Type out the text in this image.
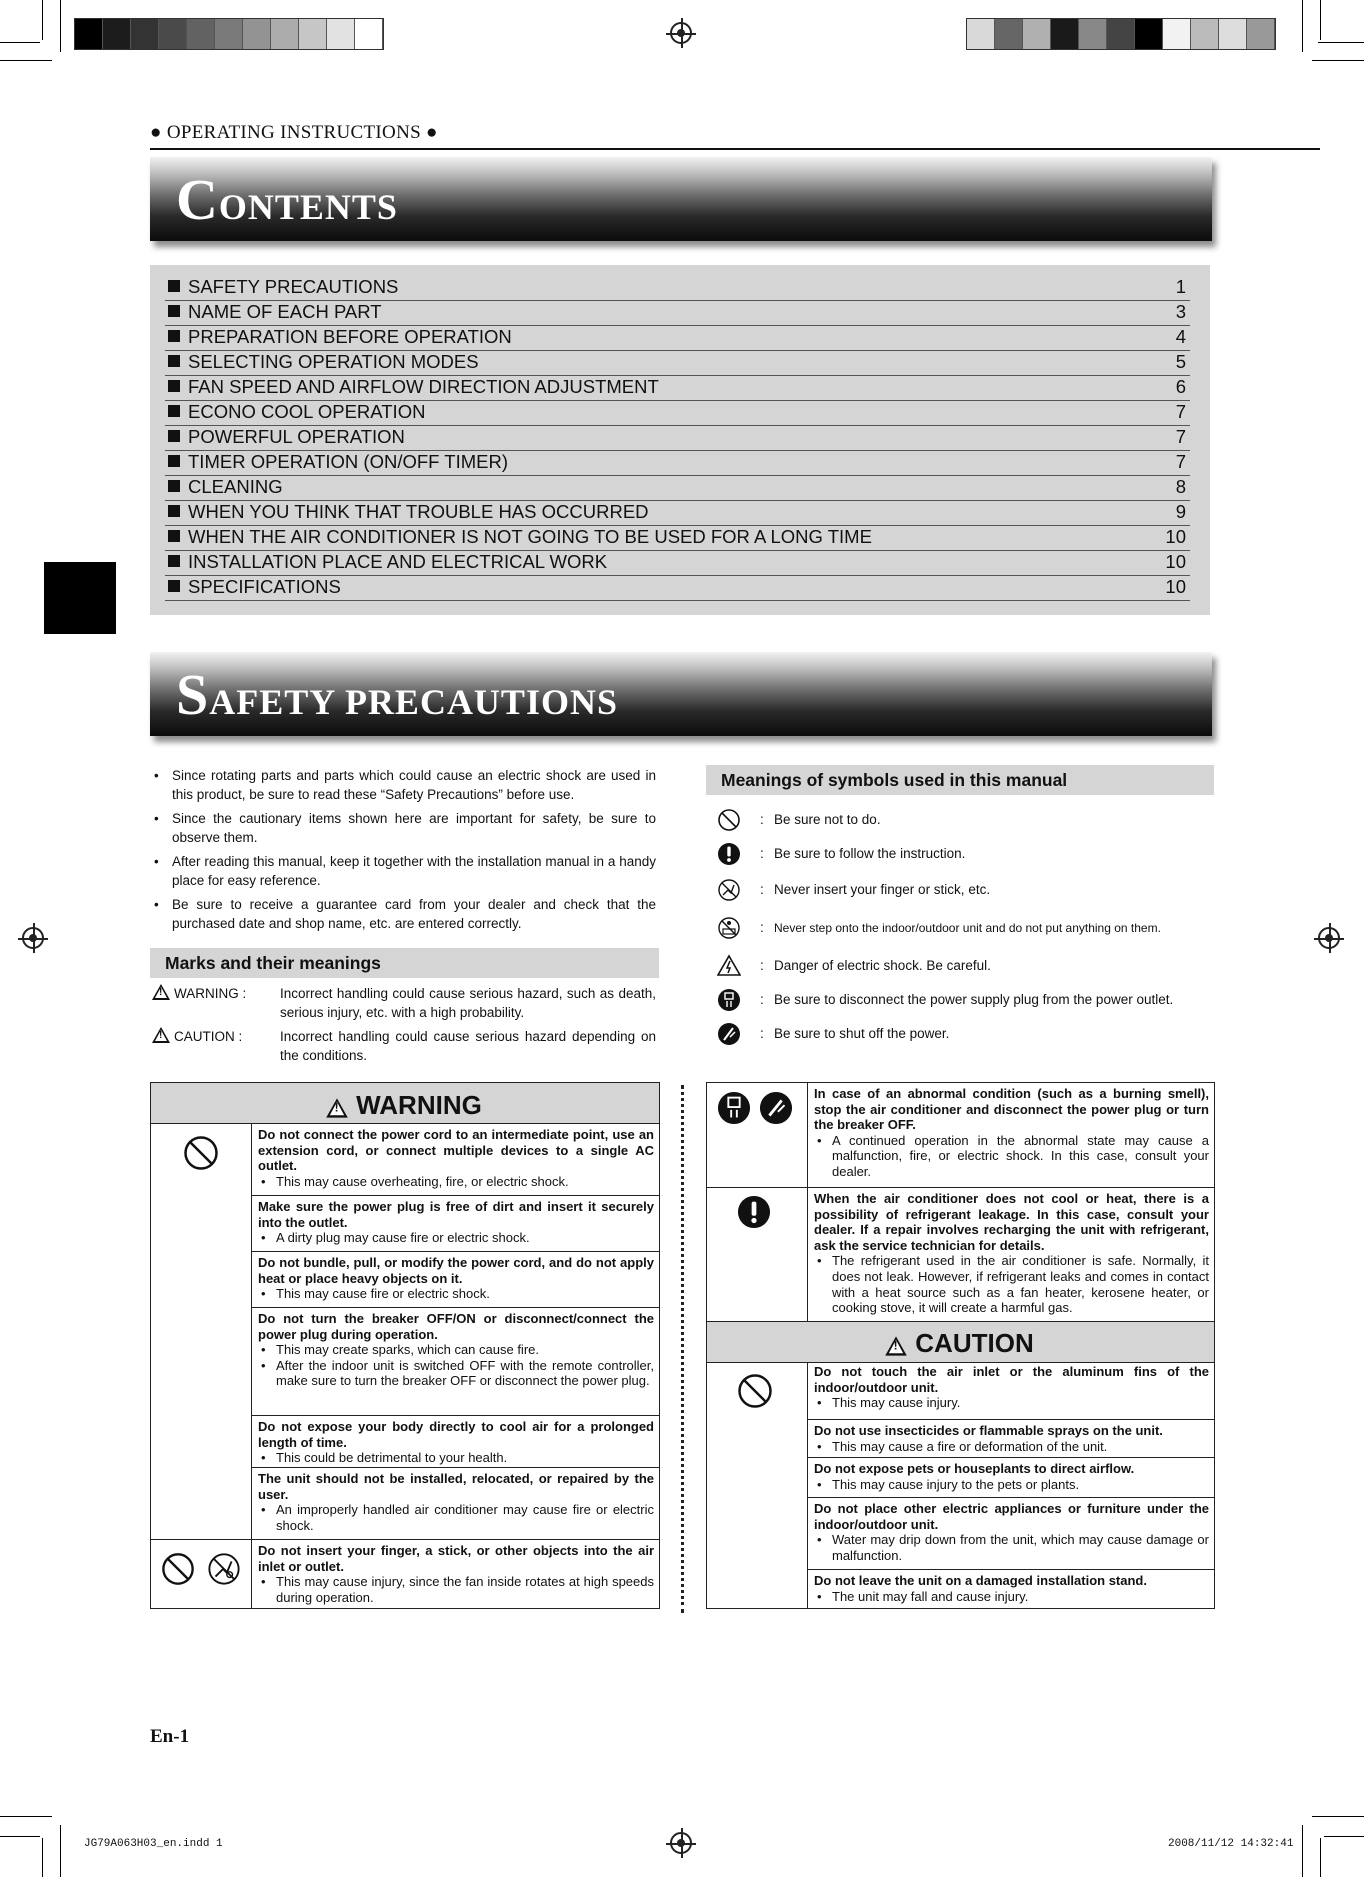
● OPERATING INSTRUCTIONS ●
CONTENTS
SAFETY PRECAUTIONS	1
NAME OF EACH PART	3
PREPARATION BEFORE OPERATION	4
SELECTING OPERATION MODES	5
FAN SPEED AND AIRFLOW DIRECTION ADJUSTMENT	6
ECONO COOL OPERATION	7
POWERFUL OPERATION	7
TIMER OPERATION (ON/OFF TIMER)	7
CLEANING	8
WHEN YOU THINK THAT TROUBLE HAS OCCURRED	9
WHEN THE AIR CONDITIONER IS NOT GOING TO BE USED FOR A LONG TIME	10
INSTALLATION PLACE AND ELECTRICAL WORK	10
SPECIFICATIONS	10
SAFETY PRECAUTIONS
• Since rotating parts and parts which could cause an electric shock are used in this product, be sure to read these “Safety Precautions” before use.
• Since the cautionary items shown here are important for safety, be sure to observe them.
• After reading this manual, keep it together with the installation manual in a handy place for easy reference.
• Be sure to receive a guarantee card from your dealer and check that the purchased date and shop name, etc. are entered correctly.
Marks and their meanings
!WARNING :	Incorrect handling could cause serious hazard, such as death, serious injury, etc. with a high probability.
!CAUTION :	Incorrect handling could cause serious hazard depending on the conditions.
Meanings of symbols used in this manual
: Be sure not to do.
: Be sure to follow the instruction.
: Never insert your finger or stick, etc.
: Never step onto the indoor/outdoor unit and do not put anything on them.
: Danger of electric shock. Be careful.
: Be sure to disconnect the power supply plug from the power outlet.
: Be sure to shut off the power.
!WARNING
Do not connect the power cord to an intermediate point, use an extension cord, or connect multiple devices to a single AC outlet.
• This may cause overheating, fire, or electric shock.
Make sure the power plug is free of dirt and insert it securely into the outlet.
• A dirty plug may cause fire or electric shock.
Do not bundle, pull, or modify the power cord, and do not apply heat or place heavy objects on it.
• This may cause fire or electric shock.
Do not turn the breaker OFF/ON or disconnect/connect the power plug during operation.
• This may create sparks, which can cause fire.
• After the indoor unit is switched OFF with the remote controller, make sure to turn the breaker OFF or disconnect the power plug.
Do not expose your body directly to cool air for a prolonged length of time.
• This could be detrimental to your health.
The unit should not be installed, relocated, or repaired by the user.
• An improperly handled air conditioner may cause fire or electric shock.
Do not insert your finger, a stick, or other objects into the air inlet or outlet.
• This may cause injury, since the fan inside rotates at high speeds during operation.
In case of an abnormal condition (such as a burning smell), stop the air conditioner and disconnect the power plug or turn the breaker OFF.
• A continued operation in the abnormal state may cause a malfunction, fire, or electric shock. In this case, consult your dealer.
When the air conditioner does not cool or heat, there is a possibility of refrigerant leakage. In this case, consult your dealer. If a repair involves recharging the unit with refrigerant, ask the service technician for details.
• The refrigerant used in the air conditioner is safe. Normally, it does not leak. However, if refrigerant leaks and comes in contact with a heat source such as a fan heater, kerosene heater, or cooking stove, it will create a harmful gas.
!CAUTION
Do not touch the air inlet or the aluminum fins of the indoor/outdoor unit.
• This may cause injury.
Do not use insecticides or flammable sprays on the unit.
• This may cause a fire or deformation of the unit.
Do not expose pets or houseplants to direct airflow.
• This may cause injury to the pets or plants.
Do not place other electric appliances or furniture under the indoor/outdoor unit.
• Water may drip down from the unit, which may cause damage or malfunction.
Do not leave the unit on a damaged installation stand.
• The unit may fall and cause injury.
En-1
JG79A063H03_en.indd 1	2008/11/12 14:32:41
